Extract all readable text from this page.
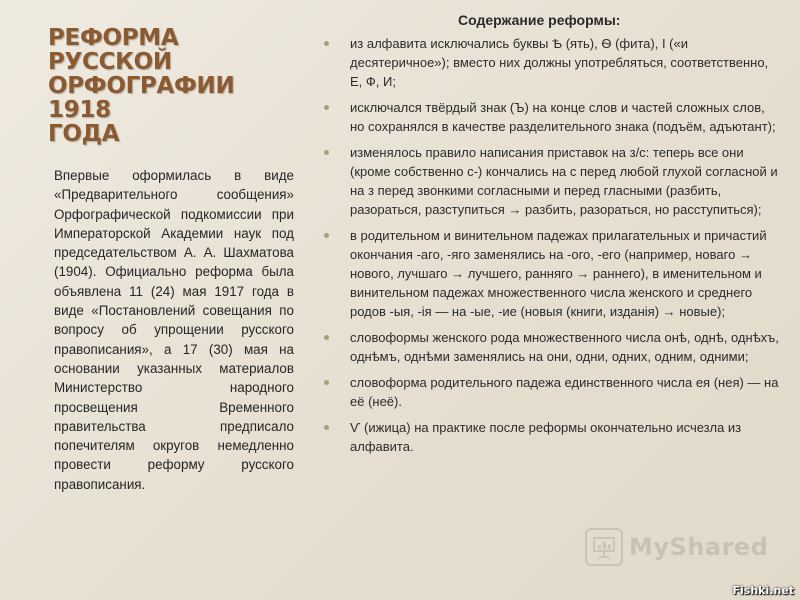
РЕФОРМА
РУССКОЙ
ОРФОГРАФИИ 1918
ГОДА

Впервые оформилась в виде «Предварительного сообщения» Орфографической подкомиссии при Императорской Академии наук под председательством А. А. Шахматова (1904). Официально реформа была объявлена 11 (24) мая 1917 года в виде «Постановлений совещания по вопросу об упрощении русского правописания», а 17 (30) мая на основании указанных материалов Министерство народного просвещения Временного правительства предписало попечителям округов немедленно провести реформу русского правописания.

Содержание реформы:
из алфавита исключались буквы Ѣ (ять), Ѳ (фита), І («и десятеричное»); вместо них должны употребляться, соответственно, Е, Ф, И;
исключался твёрдый знак (Ъ) на конце слов и частей сложных слов, но сохранялся в качестве разделительного знака (подъём, адъютант);
изменялось правило написания приставок на з/с: теперь все они (кроме собственно с-) кончались на с перед любой глухой согласной и на з перед звонкими согласными и перед гласными (разбить, разораться, разступиться → разбить, разораться, но расступиться);
в родительном и винительном падежах прилагательных и причастий окончания -аго, -яго заменялись на -ого, -его (например, новаго → нового, лучшаго → лучшего, ранняго → раннего), в именительном и винительном падежах множественного числа женского и среднего родов -ыя, -ія — на -ые, -ие (новыя (книги, изданія) → новые);
словоформы женского рода множественного числа онѣ, однѣ, однѣхъ, однѣмъ, однѣми заменялись на они, одни, одних, одним, одними;
словоформа родительного падежа единственного числа ея (нея) — на её (неё).
Ѵ (ижица) на практике после реформы окончательно исчезла из алфавита.
MyShared
Fishki.net
